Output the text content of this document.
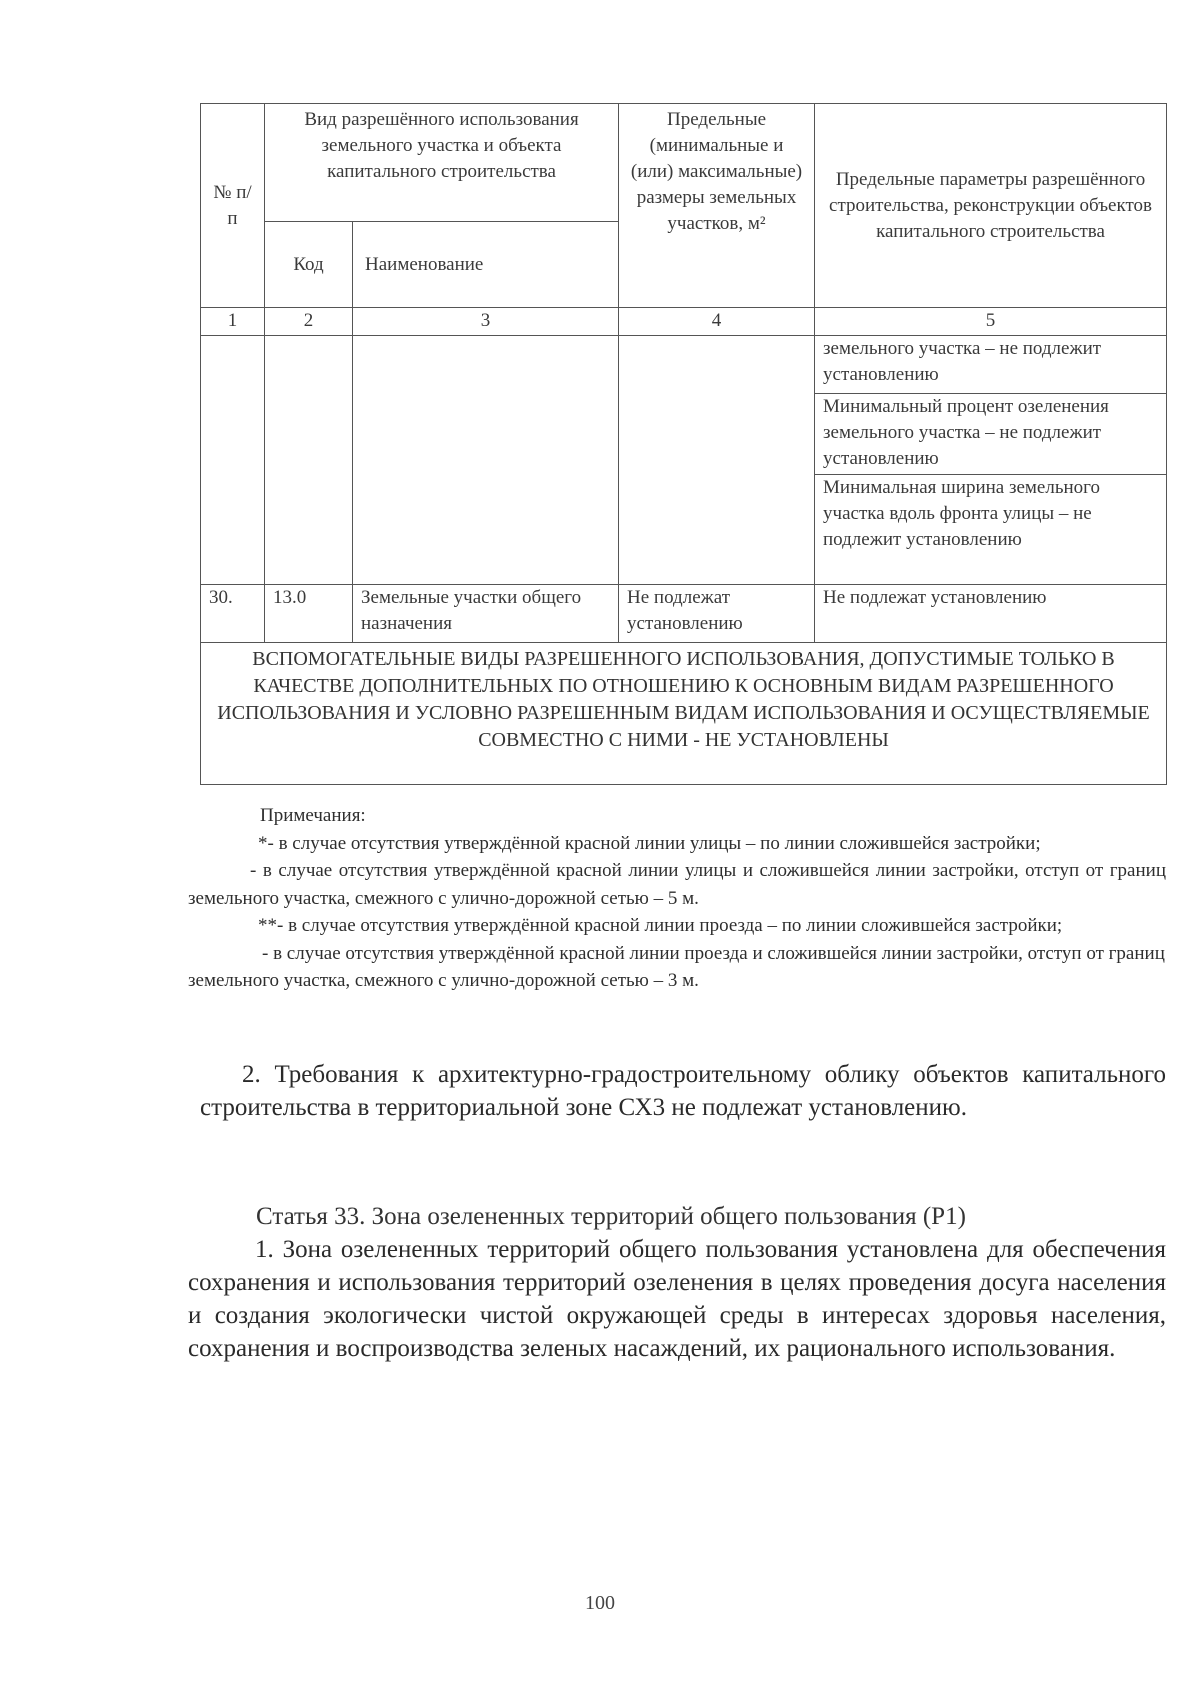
№ п/п	Вид разрешённого использования земельного участка и объекта капитального строительства		Предельные (минимальные и (или) максимальные) размеры земельных участков, м²	Предельные параметры разрешённого строительства, реконструкции объектов капитального строительства
	Код	Наименование		
1	2	3	4	5
				земельного участка – не подлежит установлению
				Минимальный процент озеленения земельного участка – не подлежит установлению
				Минимальная ширина земельного участка вдоль фронта улицы – не подлежит установлению
30.	13.0	Земельные участки общего назначения	Не подлежат установлению	Не подлежат установлению
ВСПОМОГАТЕЛЬНЫЕ ВИДЫ РАЗРЕШЕННОГО ИСПОЛЬЗОВАНИЯ, ДОПУСТИМЫЕ ТОЛЬКО В КАЧЕСТВЕ ДОПОЛНИТЕЛЬНЫХ ПО ОТНОШЕНИЮ К ОСНОВНЫМ ВИДАМ РАЗРЕШЕННОГО ИСПОЛЬЗОВАНИЯ И УСЛОВНО РАЗРЕШЕННЫМ ВИДАМ ИСПОЛЬЗОВАНИЯ И ОСУЩЕСТВЛЯЕМЫЕ СОВМЕСТНО С НИМИ - НЕ УСТАНОВЛЕНЫ				

Примечания:

*- в случае отсутствия утверждённой красной линии улицы – по линии сложившейся застройки;

- в случае отсутствия утверждённой красной линии улицы и сложившейся линии застройки, отступ от границ земельного участка, смежного с улично-дорожной сетью – 5 м.

**- в случае отсутствия утверждённой красной линии проезда – по линии сложившейся застройки;

- в случае отсутствия утверждённой красной линии проезда и сложившейся линии застройки, отступ от границ земельного участка, смежного с улично-дорожной сетью – 3 м.

2. Требования к архитектурно-градостроительному облику объектов капитального строительства в территориальной зоне СХ3 не подлежат установлению.
Статья 33. Зона озелененных территорий общего пользования (Р1)
1. Зона озелененных территорий общего пользования установлена для обеспечения сохранения и использования территорий озеленения в целях проведения досуга населения и создания экологически чистой окружающей среды в интересах здоровья населения, сохранения и воспроизводства зеленых насаждений, их рационального использования.
100
